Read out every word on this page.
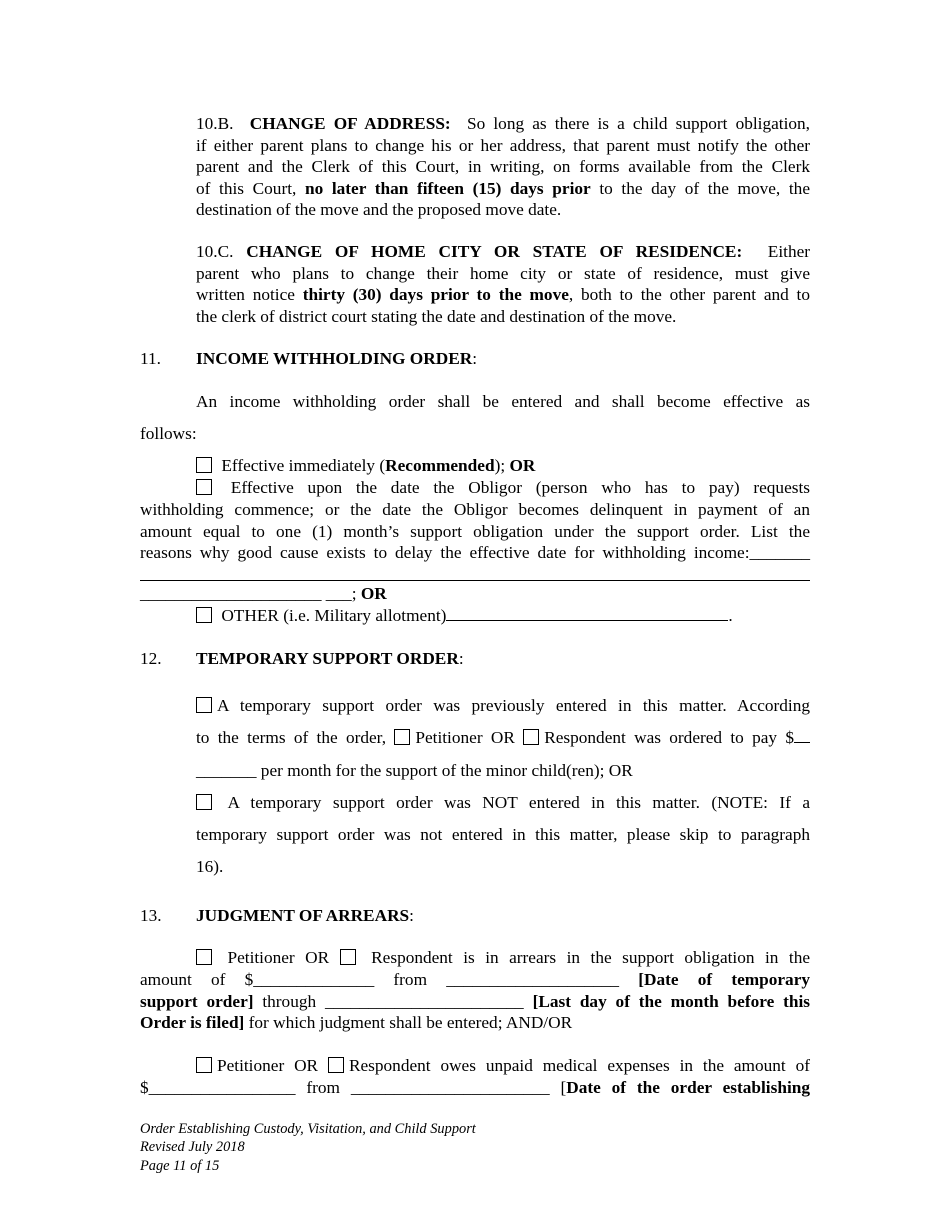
10.B. CHANGE OF ADDRESS: So long as there is a child support obligation,
if either parent plans to change his or her address, that parent must notify the other
parent and the Clerk of this Court, in writing, on forms available from the Clerk
of this Court, no later than fifteen (15) days prior to the day of the move, the
destination of the move and the proposed move date.
10.C. CHANGE OF HOME CITY OR STATE OF RESIDENCE: Either
parent who plans to change their home city or state of residence, must give
written notice thirty (30) days prior to the move, both to the other parent and to
the clerk of district court stating the date and destination of the move.
11. INCOME WITHHOLDING ORDER:
An income withholding order shall be entered and shall become effective as
follows:
Effective immediately (Recommended); OR
Effective upon the date the Obligor (person who has to pay) requests
withholding commence; or the date the Obligor becomes delinquent in payment of an
amount equal to one (1) month’s support obligation under the support order. List the
reasons why good cause exists to delay the effective date for withholding income:_______
_____________________ ___; OR
OTHER (i.e. Military allotment)	.
12. TEMPORARY SUPPORT ORDER:
A temporary support order was previously entered in this matter. According
to the terms of the order, Petitioner OR Respondent was ordered to pay $
_______ per month for the support of the minor child(ren); OR
A temporary support order was NOT entered in this matter. (NOTE: If a
temporary support order was not entered in this matter, please skip to paragraph
16).
13. JUDGMENT OF ARREARS:
Petitioner OR Respondent is in arrears in the support obligation in the
amount of $______________ from ____________________ [Date of temporary
support order] through _______________________ [Last day of the month before this
Order is filed] for which judgment shall be entered; AND/OR
Petitioner OR Respondent owes unpaid medical expenses in the amount of
$_________________ from _______________________ [Date of the order establishing
Order Establishing Custody, Visitation, and Child Support
Revised July 2018
Page 11 of 15
